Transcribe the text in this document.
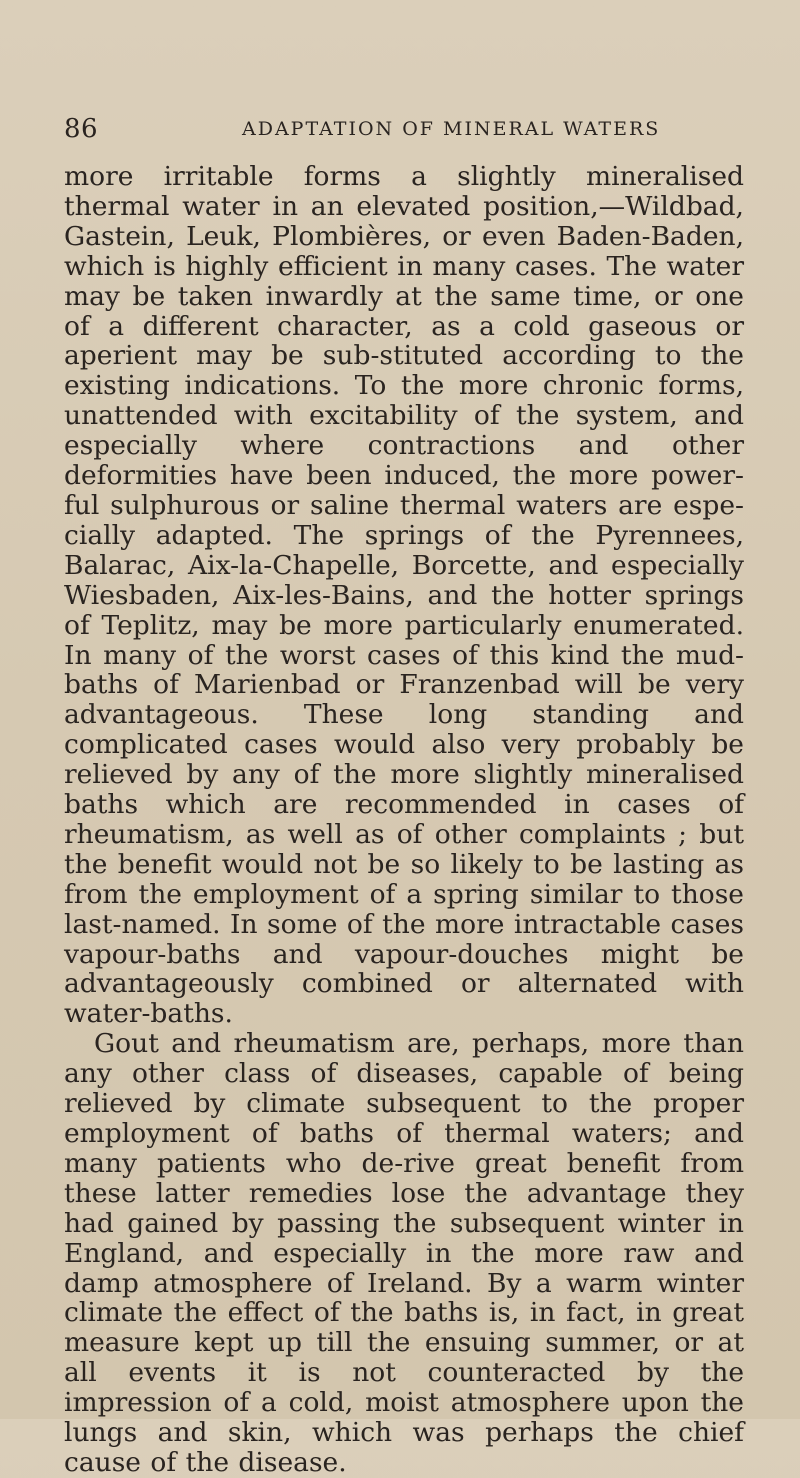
86	ADAPTATION OF MINERAL WATERS

more irritable forms a slightly mineralised thermal water in an elevated position,—Wildbad, Gastein, Leuk, Plombières, or even Baden-Baden, which is highly efficient in many cases. The water may be taken inwardly at the same time, or one of a different character, as a cold gaseous or aperient may be sub-stituted according to the existing indications. To the more chronic forms, unattended with excitability of the system, and especially where contractions and other deformities have been induced, the more power-ful sulphurous or saline thermal waters are espe-cially adapted. The springs of the Pyrennees, Balarac, Aix-la-Chapelle, Borcette, and especially Wiesbaden, Aix-les-Bains, and the hotter springs of Teplitz, may be more particularly enumerated. In many of the worst cases of this kind the mud-baths of Marienbad or Franzenbad will be very advantageous. These long standing and complicated cases would also very probably be relieved by any of the more slightly mineralised baths which are recommended in cases of rheumatism, as well as of other complaints ; but the benefit would not be so likely to be lasting as from the employment of a spring similar to those last-named. In some of the more intractable cases vapour-baths and vapour-douches might be advantageously combined or alternated with water-baths.

Gout and rheumatism are, perhaps, more than any other class of diseases, capable of being relieved by climate subsequent to the proper employment of baths of thermal waters; and many patients who de-rive great benefit from these latter remedies lose the advantage they had gained by passing the subsequent winter in England, and especially in the more raw and damp atmosphere of Ireland. By a warm winter climate the effect of the baths is, in fact, in great measure kept up till the ensuing summer, or at all events it is not counteracted by the impression of a cold, moist atmosphere upon the lungs and skin, which was perhaps the chief cause of the disease.
